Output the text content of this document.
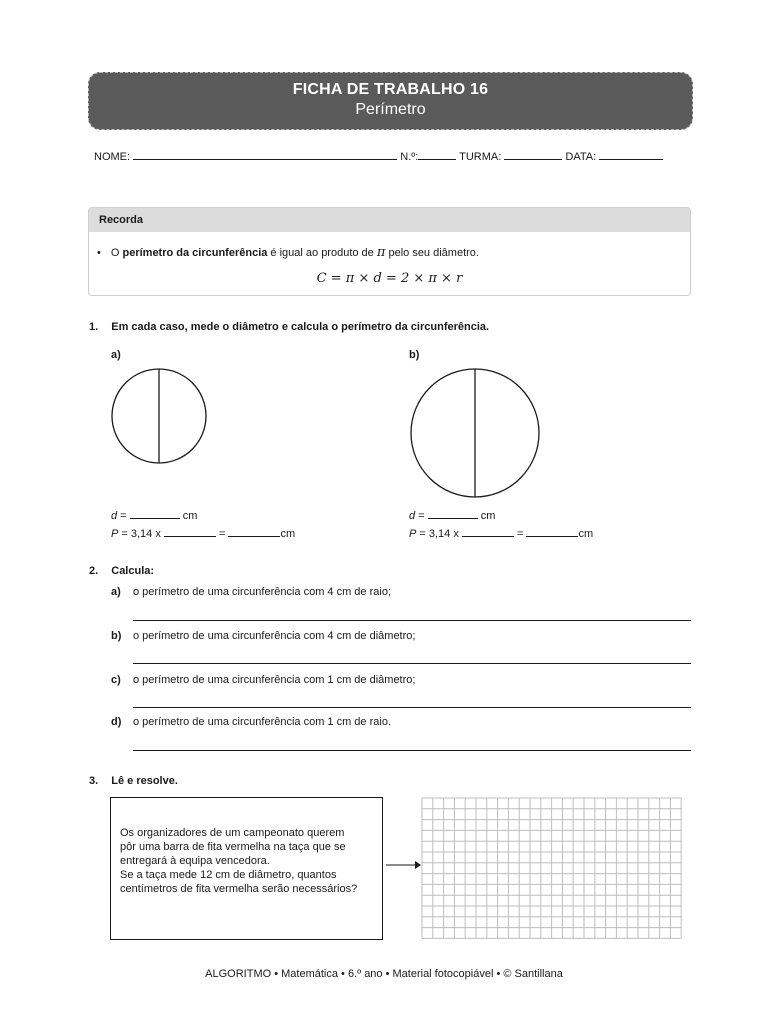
FICHA DE TRABALHO 16
Perímetro
NOME:	N.º:	TURMA:	DATA:
Recorda
• O perímetro da circunferência é igual ao produto de π pelo seu diâmetro.
C = π × d = 2 × π × r
1. Em cada caso, mede o diâmetro e calcula o perímetro da circunferência.
a)	b)
d =	cm
P = 3,14 x	=	cm
d =	cm
P = 3,14 x	=	cm
2. Calcula:
a) o perímetro de uma circunferência com 4 cm de raio;
b) o perímetro de uma circunferência com 4 cm de diâmetro;
c) o perímetro de uma circunferência com 1 cm de diâmetro;
d) o perímetro de uma circunferência com 1 cm de raio.
3. Lê e resolve.
Os organizadores de um campeonato querem
pôr uma barra de fita vermelha na taça que se
entregará à equipa vencedora.
Se a taça mede 12 cm de diâmetro, quantos
centímetros de fita vermelha serão necessários?
ALGORITMO • Matemática • 6.º ano • Material fotocopiável • © Santillana
